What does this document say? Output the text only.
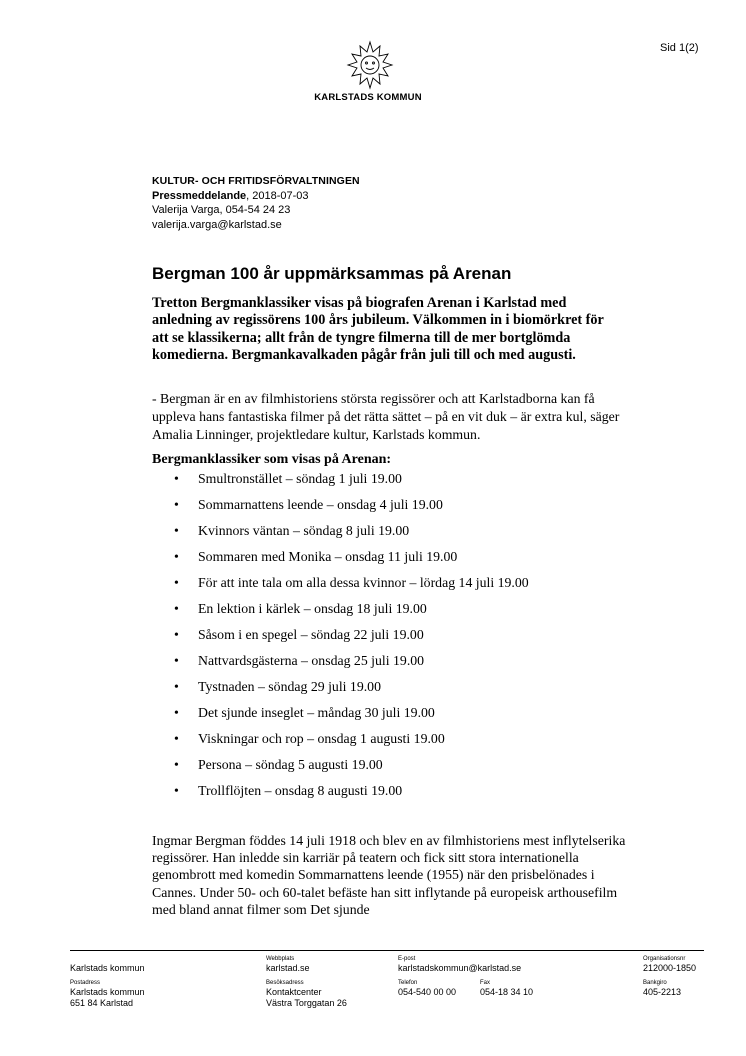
Sid 1(2)
KARLSTADS KOMMUN
KULTUR- OCH FRITIDSFÖRVALTNINGEN
Pressmeddelande, 2018-07-03
Valerija Varga, 054-54 24 23
valerija.varga@karlstad.se
Bergman 100 år uppmärksammas på Arenan

Tretton Bergmanklassiker visas på biografen Arenan i Karlstad med anledning av regissörens 100 års jubileum. Välkommen in i biomörkret för att se klassikerna; allt från de tyngre filmerna till de mer bortglömda komedierna. Bergmankavalkaden pågår från juli till och med augusti.

- Bergman är en av filmhistoriens största regissörer och att Karlstadborna kan få uppleva hans fantastiska filmer på det rätta sättet – på en vit duk – är extra kul, säger Amalia Linninger, projektledare kultur, Karlstads kommun.

Bergmanklassiker som visas på Arenan:

• Smultronstället – söndag 1 juli 19.00
• Sommarnattens leende – onsdag 4 juli 19.00
• Kvinnors väntan – söndag 8 juli 19.00
• Sommaren med Monika – onsdag 11 juli 19.00
• För att inte tala om alla dessa kvinnor – lördag 14 juli 19.00
• En lektion i kärlek – onsdag 18 juli 19.00
• Såsom i en spegel – söndag 22 juli 19.00
• Nattvardsgästerna – onsdag 25 juli 19.00
• Tystnaden – söndag 29 juli 19.00
• Det sjunde inseglet – måndag 30 juli 19.00
• Viskningar och rop – onsdag 1 augusti 19.00
• Persona – söndag 5 augusti 19.00
• Trollflöjten – onsdag 8 augusti 19.00

Ingmar Bergman föddes 14 juli 1918 och blev en av filmhistoriens mest inflytelserika regissörer. Han inledde sin karriär på teatern och fick sitt stora internationella genombrott med komedin Sommarnattens leende (1955) när den prisbelönades i Cannes. Under 50- och 60-talet befäste han sitt inflytande på europeisk arthousefilm med bland annat filmer som Det sjunde

Karlstads kommun
Postadress
Karlstads kommun
651 84 Karlstad
Webbplats
karlstad.se
Besöksadress
Kontaktcenter
Västra Torggatan 26
E-post
karlstadskommun@karlstad.se
Telefon
054-540 00 00
Fax
054-18 34 10
Organisationsnr
212000-1850
Bankgiro
405-2213
